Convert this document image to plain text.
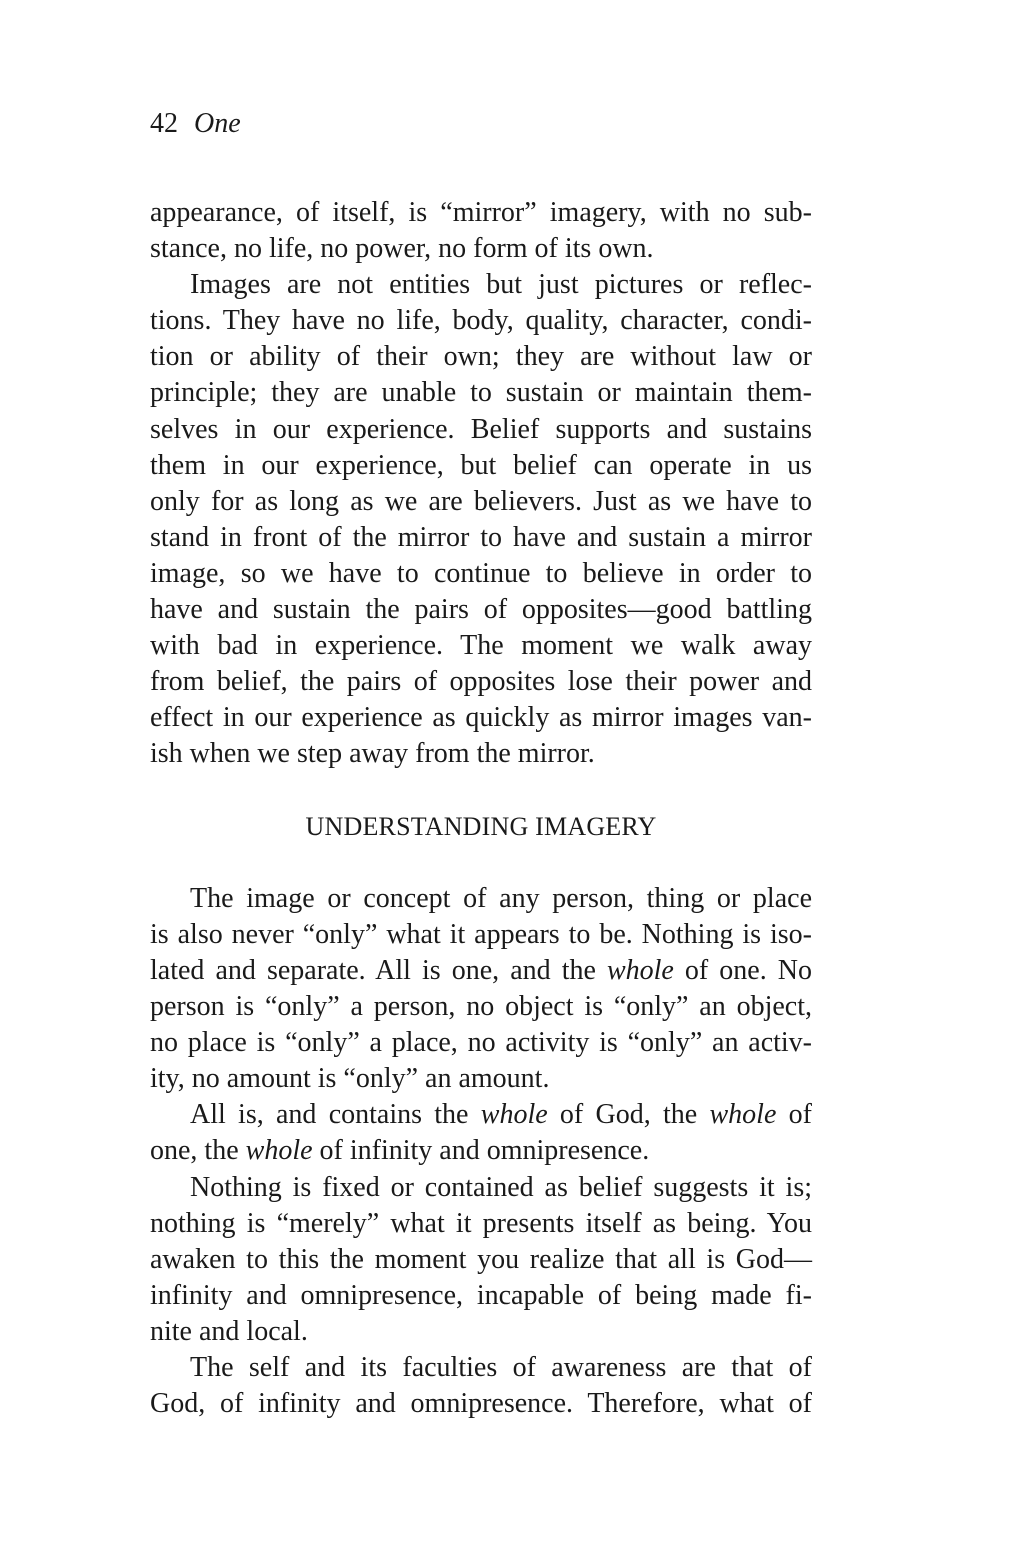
42 One
appearance, of itself, is “mirror” imagery, with no sub-
stance, no life, no power, no form of its own.
Images are not entities but just pictures or reflec-
tions. They have no life, body, quality, character, condi-
tion or ability of their own; they are without law or
principle; they are unable to sustain or maintain them-
selves in our experience. Belief supports and sustains
them in our experience, but belief can operate in us
only for as long as we are believers. Just as we have to
stand in front of the mirror to have and sustain a mirror
image, so we have to continue to believe in order to
have and sustain the pairs of opposites—good battling
with bad in experience. The moment we walk away
from belief, the pairs of opposites lose their power and
effect in our experience as quickly as mirror images van-
ish when we step away from the mirror.
UNDERSTANDING IMAGERY
The image or concept of any person, thing or place
is also never “only” what it appears to be. Nothing is iso-
lated and separate. All is one, and the whole of one. No
person is “only” a person, no object is “only” an object,
no place is “only” a place, no activity is “only” an activ-
ity, no amount is “only” an amount.
All is, and contains the whole of God, the whole of
one, the whole of infinity and omnipresence.
Nothing is fixed or contained as belief suggests it is;
nothing is “merely” what it presents itself as being. You
awaken to this the moment you realize that all is God—
infinity and omnipresence, incapable of being made fi-
nite and local.
The self and its faculties of awareness are that of
God, of infinity and omnipresence. Therefore, what of
